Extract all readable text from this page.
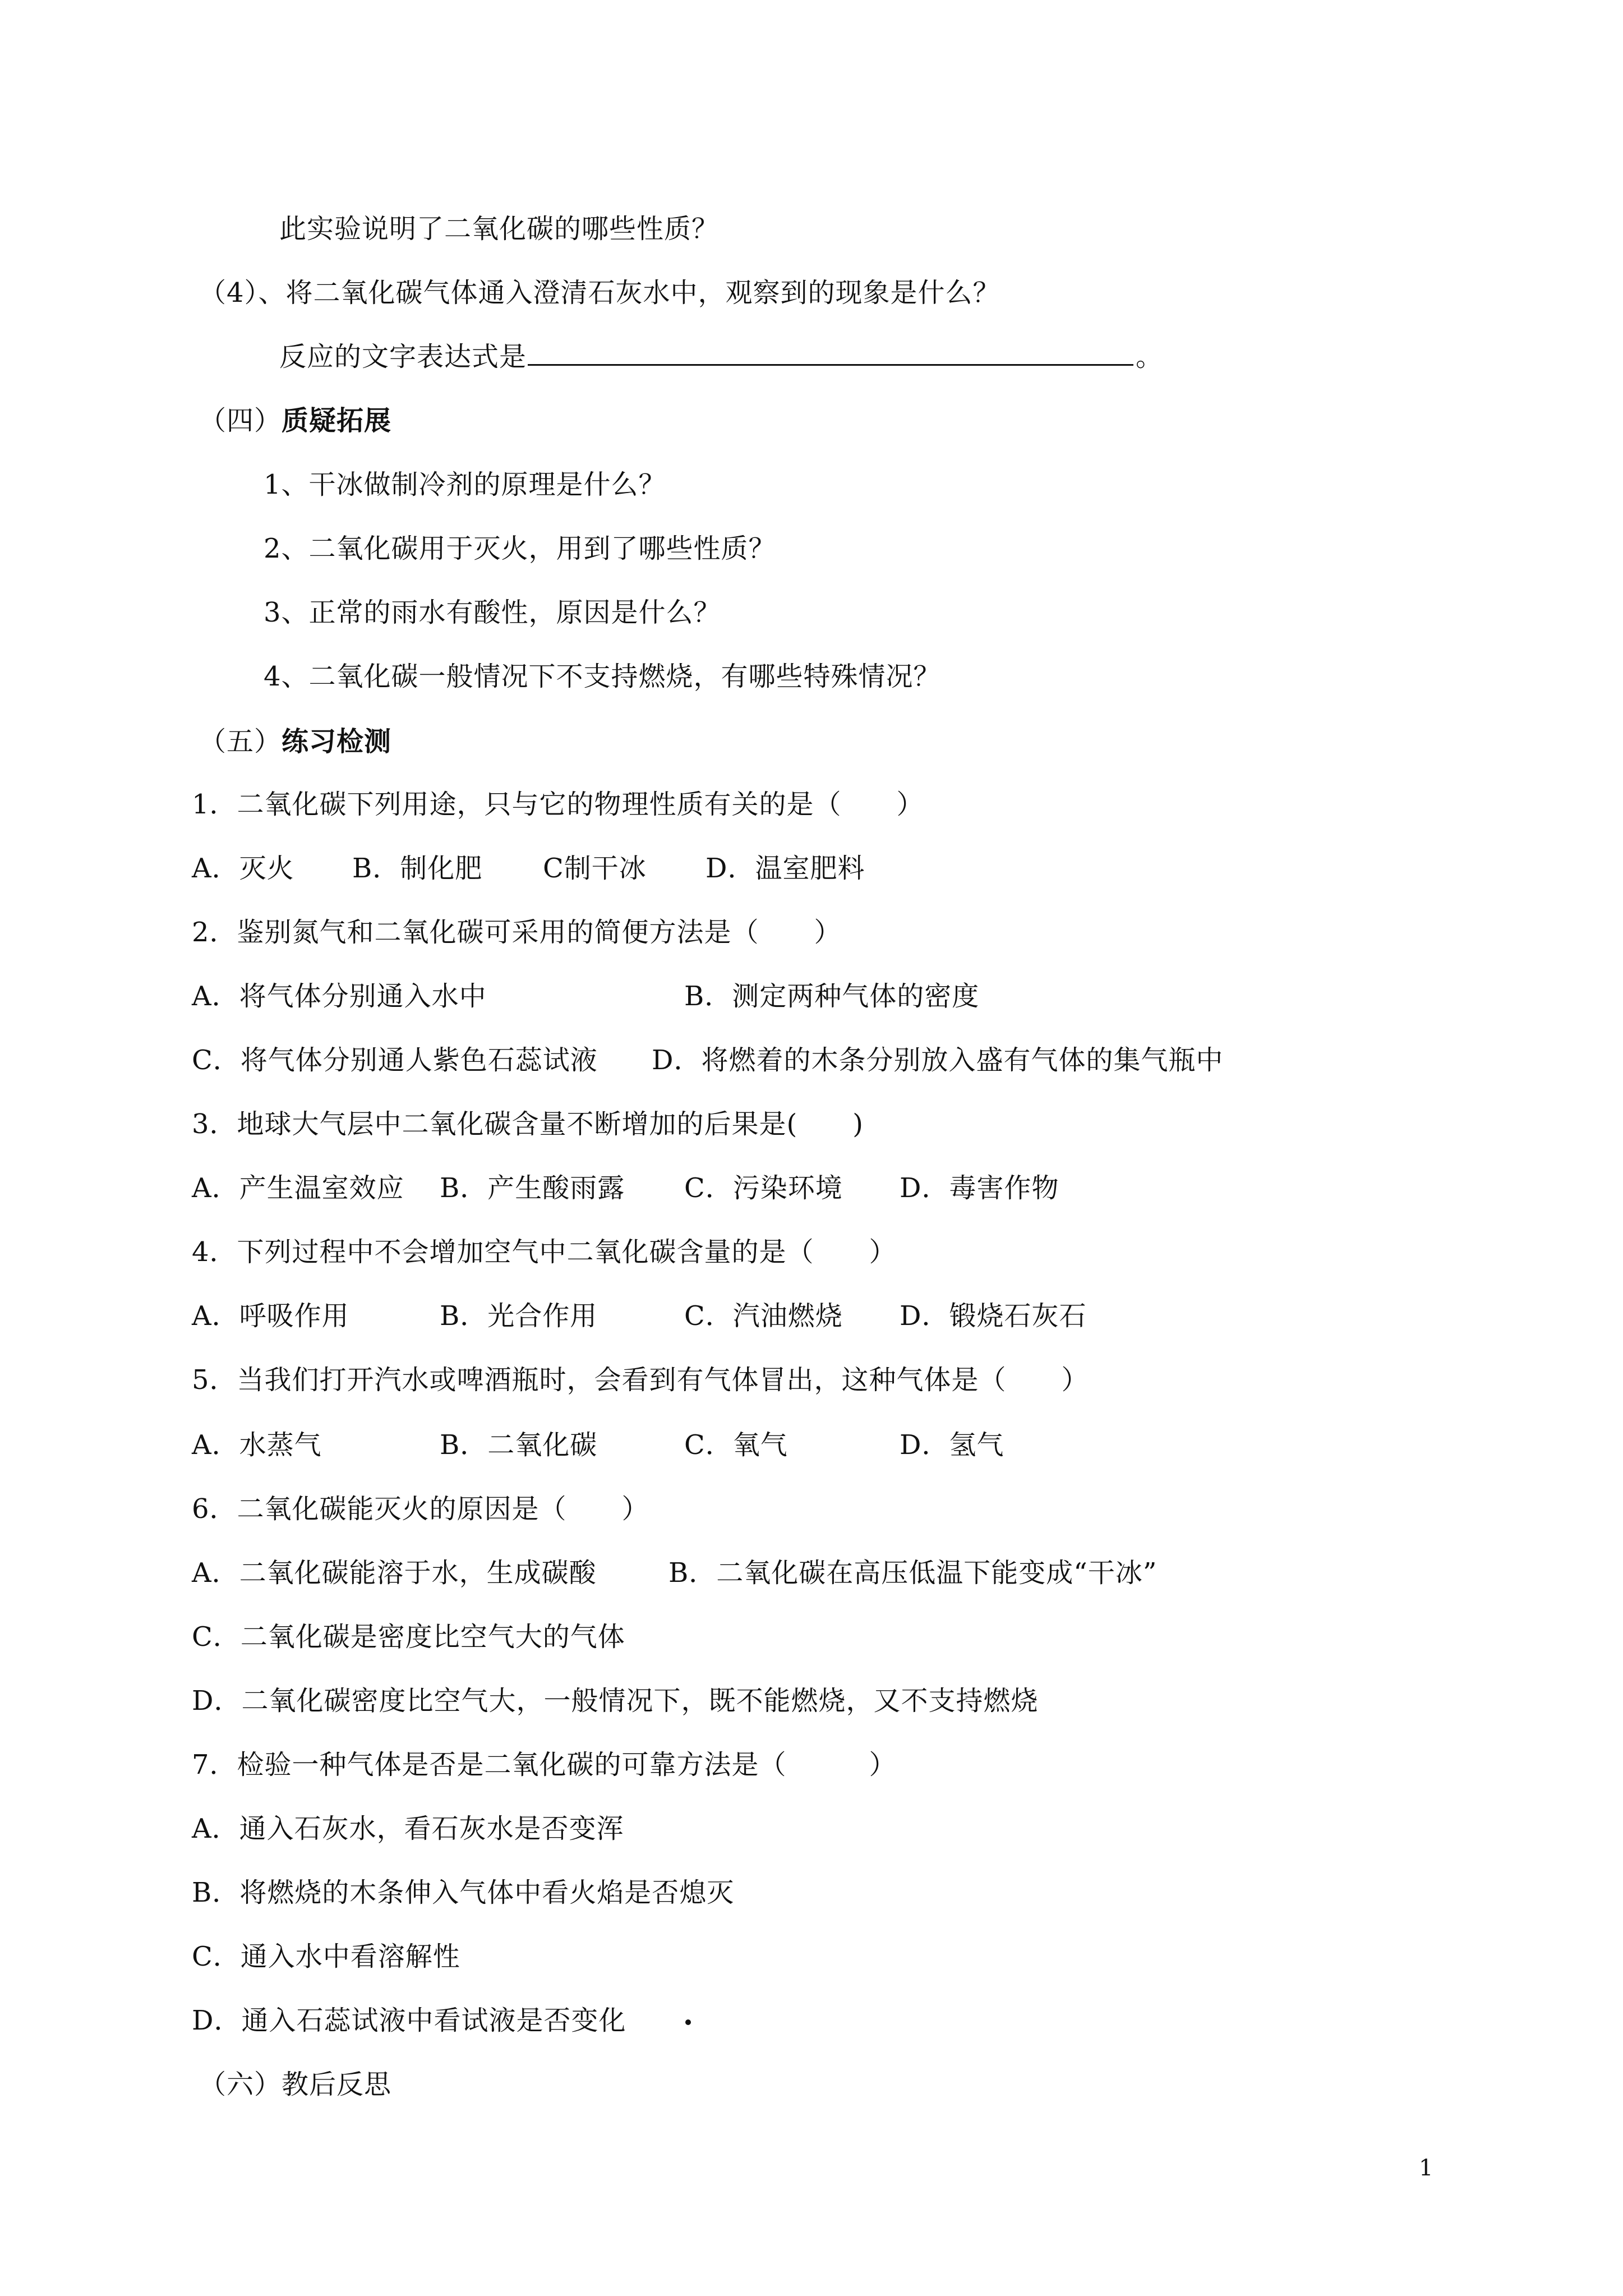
此实验说明了二氧化碳的哪些性质？
（4）、将二氧化碳气体通入澄清石灰水中，观察到的现象是什么？
反应的文字表达式是	。
（四）质疑拓展
1、干冰做制冷剂的原理是什么？
2、二氧化碳用于灭火，用到了哪些性质？
3、正常的雨水有酸性，原因是什么？
4、二氧化碳一般情况下不支持燃烧，有哪些特殊情况？
（五）练习检测
1．二氧化碳下列用途，只与它的物理性质有关的是（　　）
A．灭火 B．制化肥 C制干冰 D．温室肥料
2．鉴别氮气和二氧化碳可采用的简便方法是（　　）
A．将气体分别通入水中	B．测定两种气体的密度
C．将气体分别通人紫色石蕊试液 D．将燃着的木条分别放入盛有气体的集气瓶中
3．地球大气层中二氧化碳含量不断增加的后果是(　　)
A．产生温室效应 B．产生酸雨露 C．污染环境 D．毒害作物
4．下列过程中不会增加空气中二氧化碳含量的是（　　）
A．呼吸作用	B．光合作用	C．汽油燃烧 D．锻烧石灰石
5．当我们打开汽水或啤酒瓶时，会看到有气体冒出，这种气体是（　　）
A．水蒸气	B．二氧化碳	C．氧气	D．氢气
6．二氧化碳能灭火的原因是（　　）
A．二氧化碳能溶于水，生成碳酸	B．二氧化碳在高压低温下能变成“干冰”
C．二氧化碳是密度比空气大的气体
D．二氧化碳密度比空气大，一般情况下，既不能燃烧，又不支持燃烧
7．检验一种气体是否是二氧化碳的可靠方法是（　　　）
A．通入石灰水，看石灰水是否变浑
B．将燃烧的木条伸入气体中看火焰是否熄灭
C．通入水中看溶解性
D．通入石蕊试液中看试液是否变化
（六）教后反思
1
